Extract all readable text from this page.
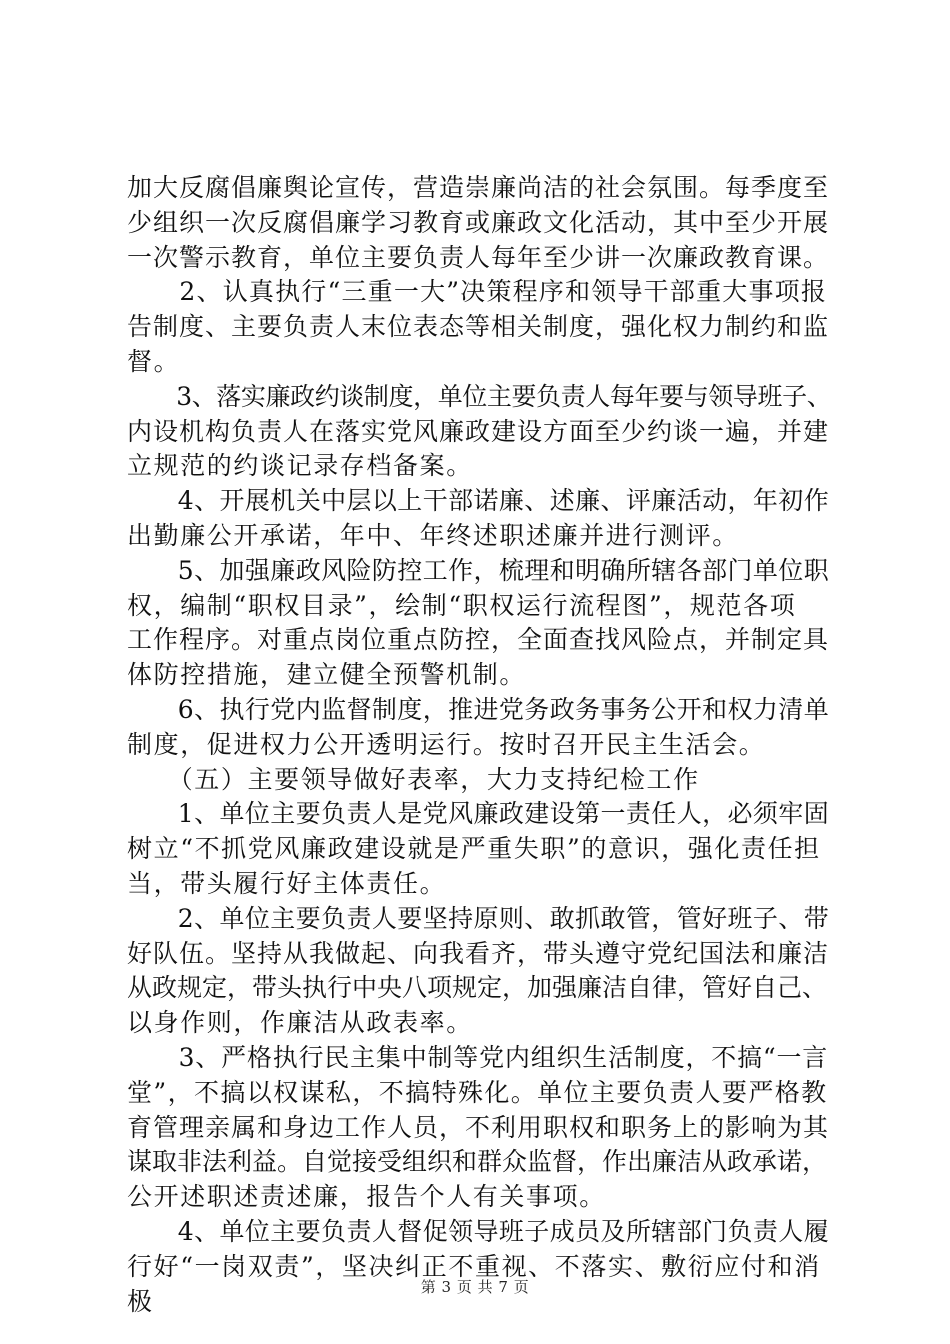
加大反腐倡廉舆论宣传，营造崇廉尚洁的社会氛围。每季度至
少组织一次反腐倡廉学习教育或廉政文化活动，其中至少开展
一次警示教育，单位主要负责人每年至少讲一次廉政教育课。
　　2、认真执行“三重一大”决策程序和领导干部重大事项报
告制度、主要负责人末位表态等相关制度，强化权力制约和监
督。
　　3、落实廉政约谈制度，单位主要负责人每年要与领导班子、
内设机构负责人在落实党风廉政建设方面至少约谈一遍，并建
立规范的约谈记录存档备案。
　　4、开展机关中层以上干部诺廉、述廉、评廉活动，年初作
出勤廉公开承诺，年中、年终述职述廉并进行测评。
　　5、加强廉政风险防控工作，梳理和明确所辖各部门单位职
权，编制“职权目录”，绘制“职权运行流程图”，规范各项
工作程序。对重点岗位重点防控，全面查找风险点，并制定具
体防控措施，建立健全预警机制。
　　6、执行党内监督制度，推进党务政务事务公开和权力清单
制度，促进权力公开透明运行。按时召开民主生活会。
　　（五）主要领导做好表率，大力支持纪检工作
　　1、单位主要负责人是党风廉政建设第一责任人，必须牢固
树立“不抓党风廉政建设就是严重失职”的意识，强化责任担
当，带头履行好主体责任。
　　2、单位主要负责人要坚持原则、敢抓敢管，管好班子、带
好队伍。坚持从我做起、向我看齐，带头遵守党纪国法和廉洁
从政规定，带头执行中央八项规定，加强廉洁自律，管好自己、
以身作则，作廉洁从政表率。
　　3、严格执行民主集中制等党内组织生活制度，不搞“一言
堂”，不搞以权谋私，不搞特殊化。单位主要负责人要严格教
育管理亲属和身边工作人员，不利用职权和职务上的影响为其
谋取非法利益。自觉接受组织和群众监督，作出廉洁从政承诺，
公开述职述责述廉，报告个人有关事项。
　　4、单位主要负责人督促领导班子成员及所辖部门负责人履
行好“一岗双责”，坚决纠正不重视、不落实、敷衍应付和消
极	第 3 页 共 7 页
